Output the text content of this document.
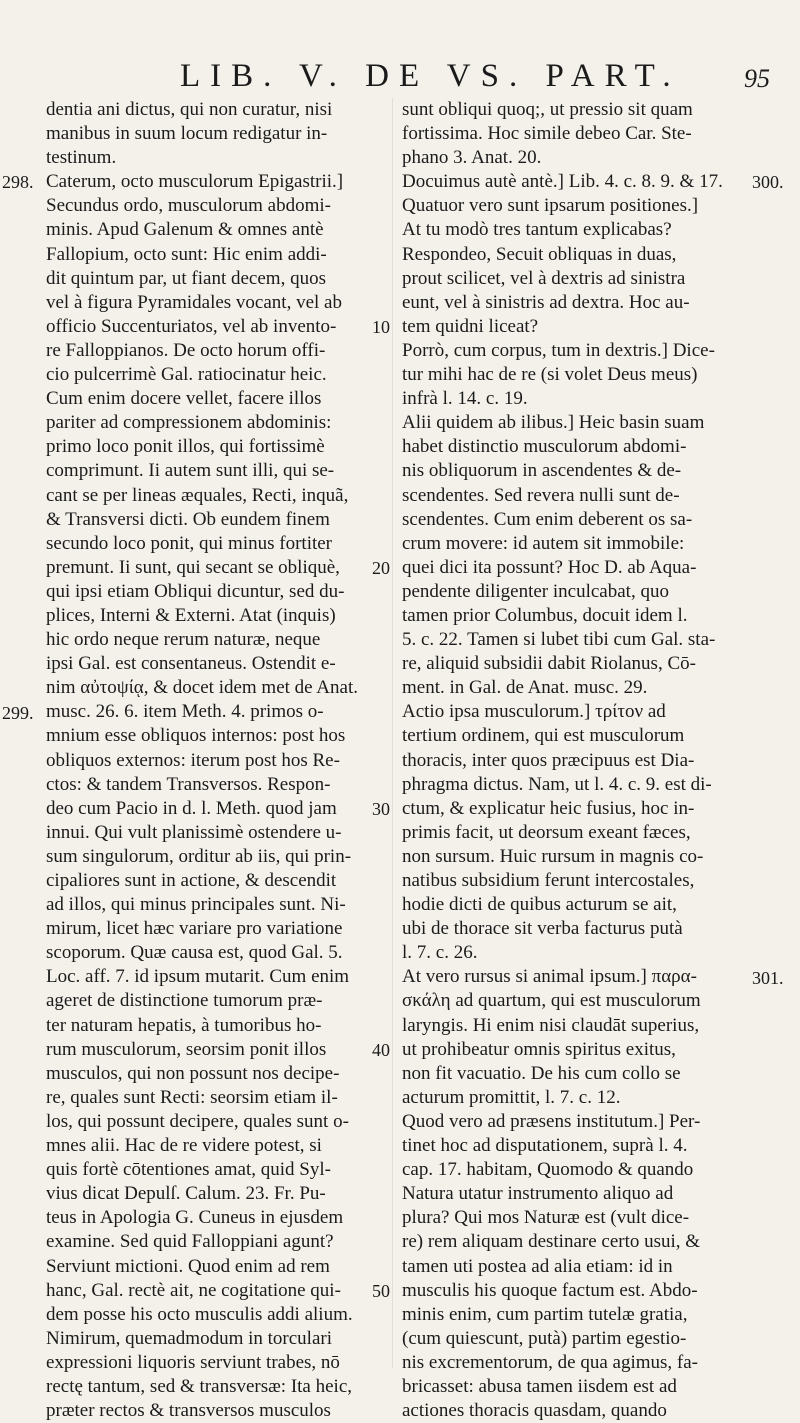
LIB. V. DE VS. PART. 95
dentia ani dictus, qui non curatur, nisi
manibus in suum locum redigatur in-
testinum.
Caterum, octo musculorum Epigastrii.]
Secundus ordo, musculorum abdomi-
minis. Apud Galenum & omnes antè
Fallopium, octo sunt: Hic enim addi-
dit quintum par, ut fiant decem, quos
vel à figura Pyramidales vocant, vel ab
officio Succenturiatos, vel ab invento-
re Falloppianos. De octo horum offi-
cio pulcerrimè Gal. ratiocinatur heic.
Cum enim docere vellet, facere illos
pariter ad compressionem abdominis:
primo loco ponit illos, qui fortissimè
comprimunt. Ii autem sunt illi, qui se-
cant se per lineas æquales, Recti, inquã,
& Transversi dicti. Ob eundem finem
secundo loco ponit, qui minus fortiter
premunt. Ii sunt, qui secant se obliquè,
qui ipsi etiam Obliqui dicuntur, sed du-
plices, Interni & Externi. Atat (inquis)
hic ordo neque rerum naturæ, neque
ipsi Gal. est consentaneus. Ostendit e-
nim αὐτοψίᾳ, & docet idem met de Anat.
musc. 26. 6. item Meth. 4. primos o-
mnium esse obliquos internos: post hos
obliquos externos: iterum post hos Re-
ctos: & tandem Transversos. Respon-
deo cum Pacio in d. l. Meth. quod jam
innui. Qui vult planissimè ostendere u-
sum singulorum, orditur ab iis, qui prin-
cipaliores sunt in actione, & descendit
ad illos, qui minus principales sunt. Ni-
mirum, licet hæc variare pro variatione
scoporum. Quæ causa est, quod Gal. 5.
Loc. aff. 7. id ipsum mutarit. Cum enim
ageret de distinctione tumorum præ-
ter naturam hepatis, à tumoribus ho-
rum musculorum, seorsim ponit illos
musculos, qui non possunt nos decipe-
re, quales sunt Recti: seorsim etiam il-
los, qui possunt decipere, quales sunt o-
mnes alii. Hac de re videre potest, si
quis fortè cōtentiones amat, quid Syl-
vius dicat Depulſ. Calum. 23. Fr. Pu-
teus in Apologia G. Cuneus in ejusdem
examine. Sed quid Falloppiani agunt?
Serviunt mictioni. Quod enim ad rem
hanc, Gal. rectè ait, ne cogitatione qui-
dem posse his octo musculis addi alium.
Nimirum, quemadmodum in torculari
expressioni liquoris serviunt trabes, nō
rectę tantum, sed & transversæ: Ita heic,
præter rectos & transversos musculos
sunt obliqui quoq;, ut pressio sit quam
fortissima. Hoc simile debeo Car. Ste-
phano 3. Anat. 20.
Docuimus autè antè.] Lib. 4. c. 8. 9. & 17.
Quatuor vero sunt ipsarum positiones.]
At tu modò tres tantum explicabas?
Respondeo, Secuit obliquas in duas,
prout scilicet, vel à dextris ad sinistra
eunt, vel à sinistris ad dextra. Hoc au-
tem quidni liceat?
Porrò, cum corpus, tum in dextris.] Dice-
tur mihi hac de re (si volet Deus meus)
infrà l. 14. c. 19.
Alii quidem ab ilibus.] Heic basin suam
habet distinctio musculorum abdomi-
nis obliquorum in ascendentes & de-
scendentes. Sed revera nulli sunt de-
scendentes. Cum enim deberent os sa-
crum movere: id autem sit immobile:
quei dici ita possunt? Hoc D. ab Aqua-
pendente diligenter inculcabat, quo
tamen prior Columbus, docuit idem l.
5. c. 22. Tamen si lubet tibi cum Gal. sta-
re, aliquid subsidii dabit Riolanus, Cō-
ment. in Gal. de Anat. musc. 29.
Actio ipsa musculorum.] τρίτον ad
tertium ordinem, qui est musculorum
thoracis, inter quos præcipuus est Dia-
phragma dictus. Nam, ut l. 4. c. 9. est di-
ctum, & explicatur heic fusius, hoc in-
primis facit, ut deorsum exeant fæces,
non sursum. Huic rursum in magnis co-
natibus subsidium ferunt intercostales,
hodie dicti de quibus acturum se ait,
ubi de thorace sit verba facturus putà
l. 7. c. 26.
At vero rursus si animal ipsum.] παρα-
σκάλη ad quartum, qui est musculorum
laryngis. Hi enim nisi claudāt superius,
ut prohibeatur omnis spiritus exitus,
non fit vacuatio. De his cum collo se
acturum promittit, l. 7. c. 12.
Quod vero ad præsens institutum.] Per-
tinet hoc ad disputationem, suprà l. 4.
cap. 17. habitam, Quomodo & quando
Natura utatur instrumento aliquo ad
plura? Qui mos Naturæ est (vult dice-
re) rem aliquam destinare certo usui, &
tamen uti postea ad alia etiam: id in
musculis his quoque factum est. Abdo-
minis enim, cum partim tutelæ gratia,
(cum quiescunt, putà) partim egestio-
nis excrementorum, de qua agimus, fa-
bricasset: abusa tamen iisdem est ad
actiones thoracis quasdam, quando
298.
299.
10
20
30
40
50
300.
301.
